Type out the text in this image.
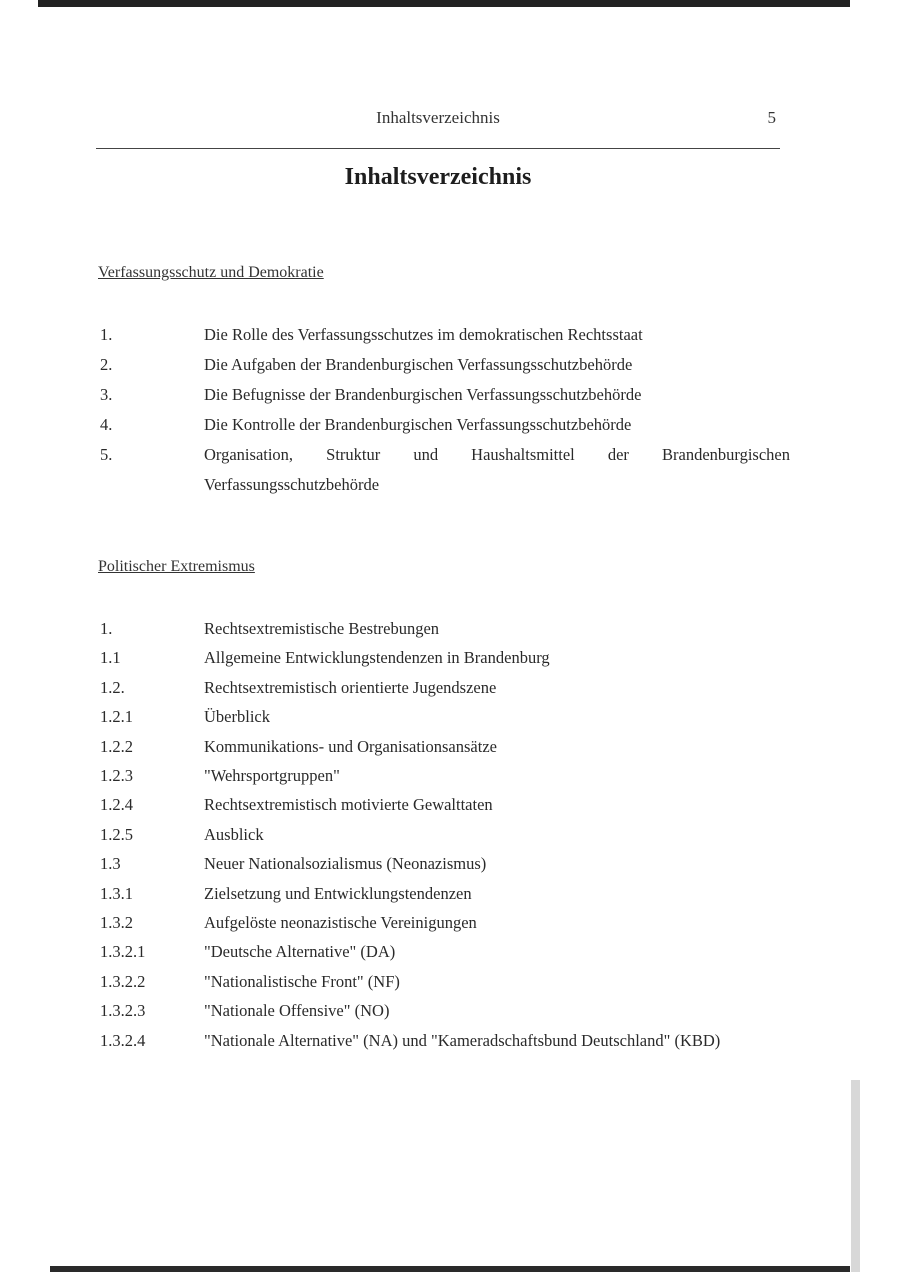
Inhaltsverzeichnis	5
Inhaltsverzeichnis
Verfassungsschutz und Demokratie
1.	Die Rolle des Verfassungsschutzes im demokratischen Rechtsstaat
2.	Die Aufgaben der Brandenburgischen Verfassungsschutzbehörde
3.	Die Befugnisse der Brandenburgischen Verfassungsschutzbehörde
4.	Die Kontrolle der Brandenburgischen Verfassungsschutzbehörde
5.	Organisation, Struktur und Haushaltsmittel der Brandenburgischen Verfassungsschutzbehörde
Politischer Extremismus
1.	Rechtsextremistische Bestrebungen
1.1	Allgemeine Entwicklungstendenzen in Brandenburg
1.2.	Rechtsextremistisch orientierte Jugendszene
1.2.1	Überblick
1.2.2	Kommunikations- und Organisationsansätze
1.2.3	"Wehrsportgruppen"
1.2.4	Rechtsextremistisch motivierte Gewalttaten
1.2.5	Ausblick
1.3	Neuer Nationalsozialismus (Neonazismus)
1.3.1	Zielsetzung und Entwicklungstendenzen
1.3.2	Aufgelöste neonazistische Vereinigungen
1.3.2.1	"Deutsche Alternative" (DA)
1.3.2.2	"Nationalistische Front" (NF)
1.3.2.3	"Nationale Offensive" (NO)
1.3.2.4	"Nationale Alternative" (NA) und "Kameradschaftsbund Deutschland" (KBD)
